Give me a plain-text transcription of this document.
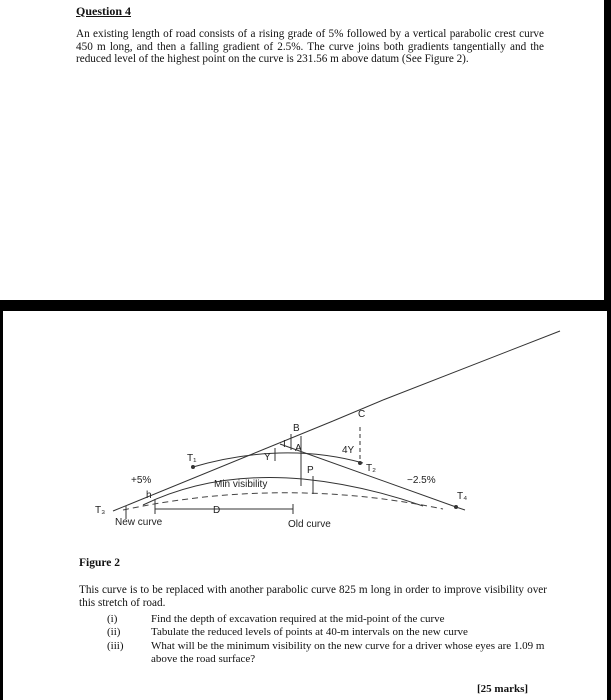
Question 4

An existing length of road consists of a rising grade of 5% followed by a vertical parabolic crest curve 450 m long, and then a falling gradient of 2.5%. The curve joins both gradients tangentially and the reduced level of the highest point on the curve is 231.56 m above datum (See Figure 2).

C
B
I A
Y
4Y
P
T₁
T₂
T₃
T₄
+5%	−2.5%
h
D
Min visibility
New curve	Old curve
Figure 2

This curve is to be replaced with another parabolic curve 825 m long in order to improve visibility over this stretch of road.

(i)	Find the depth of excavation required at the mid-point of the curve
(ii)	Tabulate the reduced levels of points at 40-m intervals on the new curve
(iii)	What will be the minimum visibility on the new curve for a driver whose eyes are 1.09 m above the road surface?
[25 marks]
